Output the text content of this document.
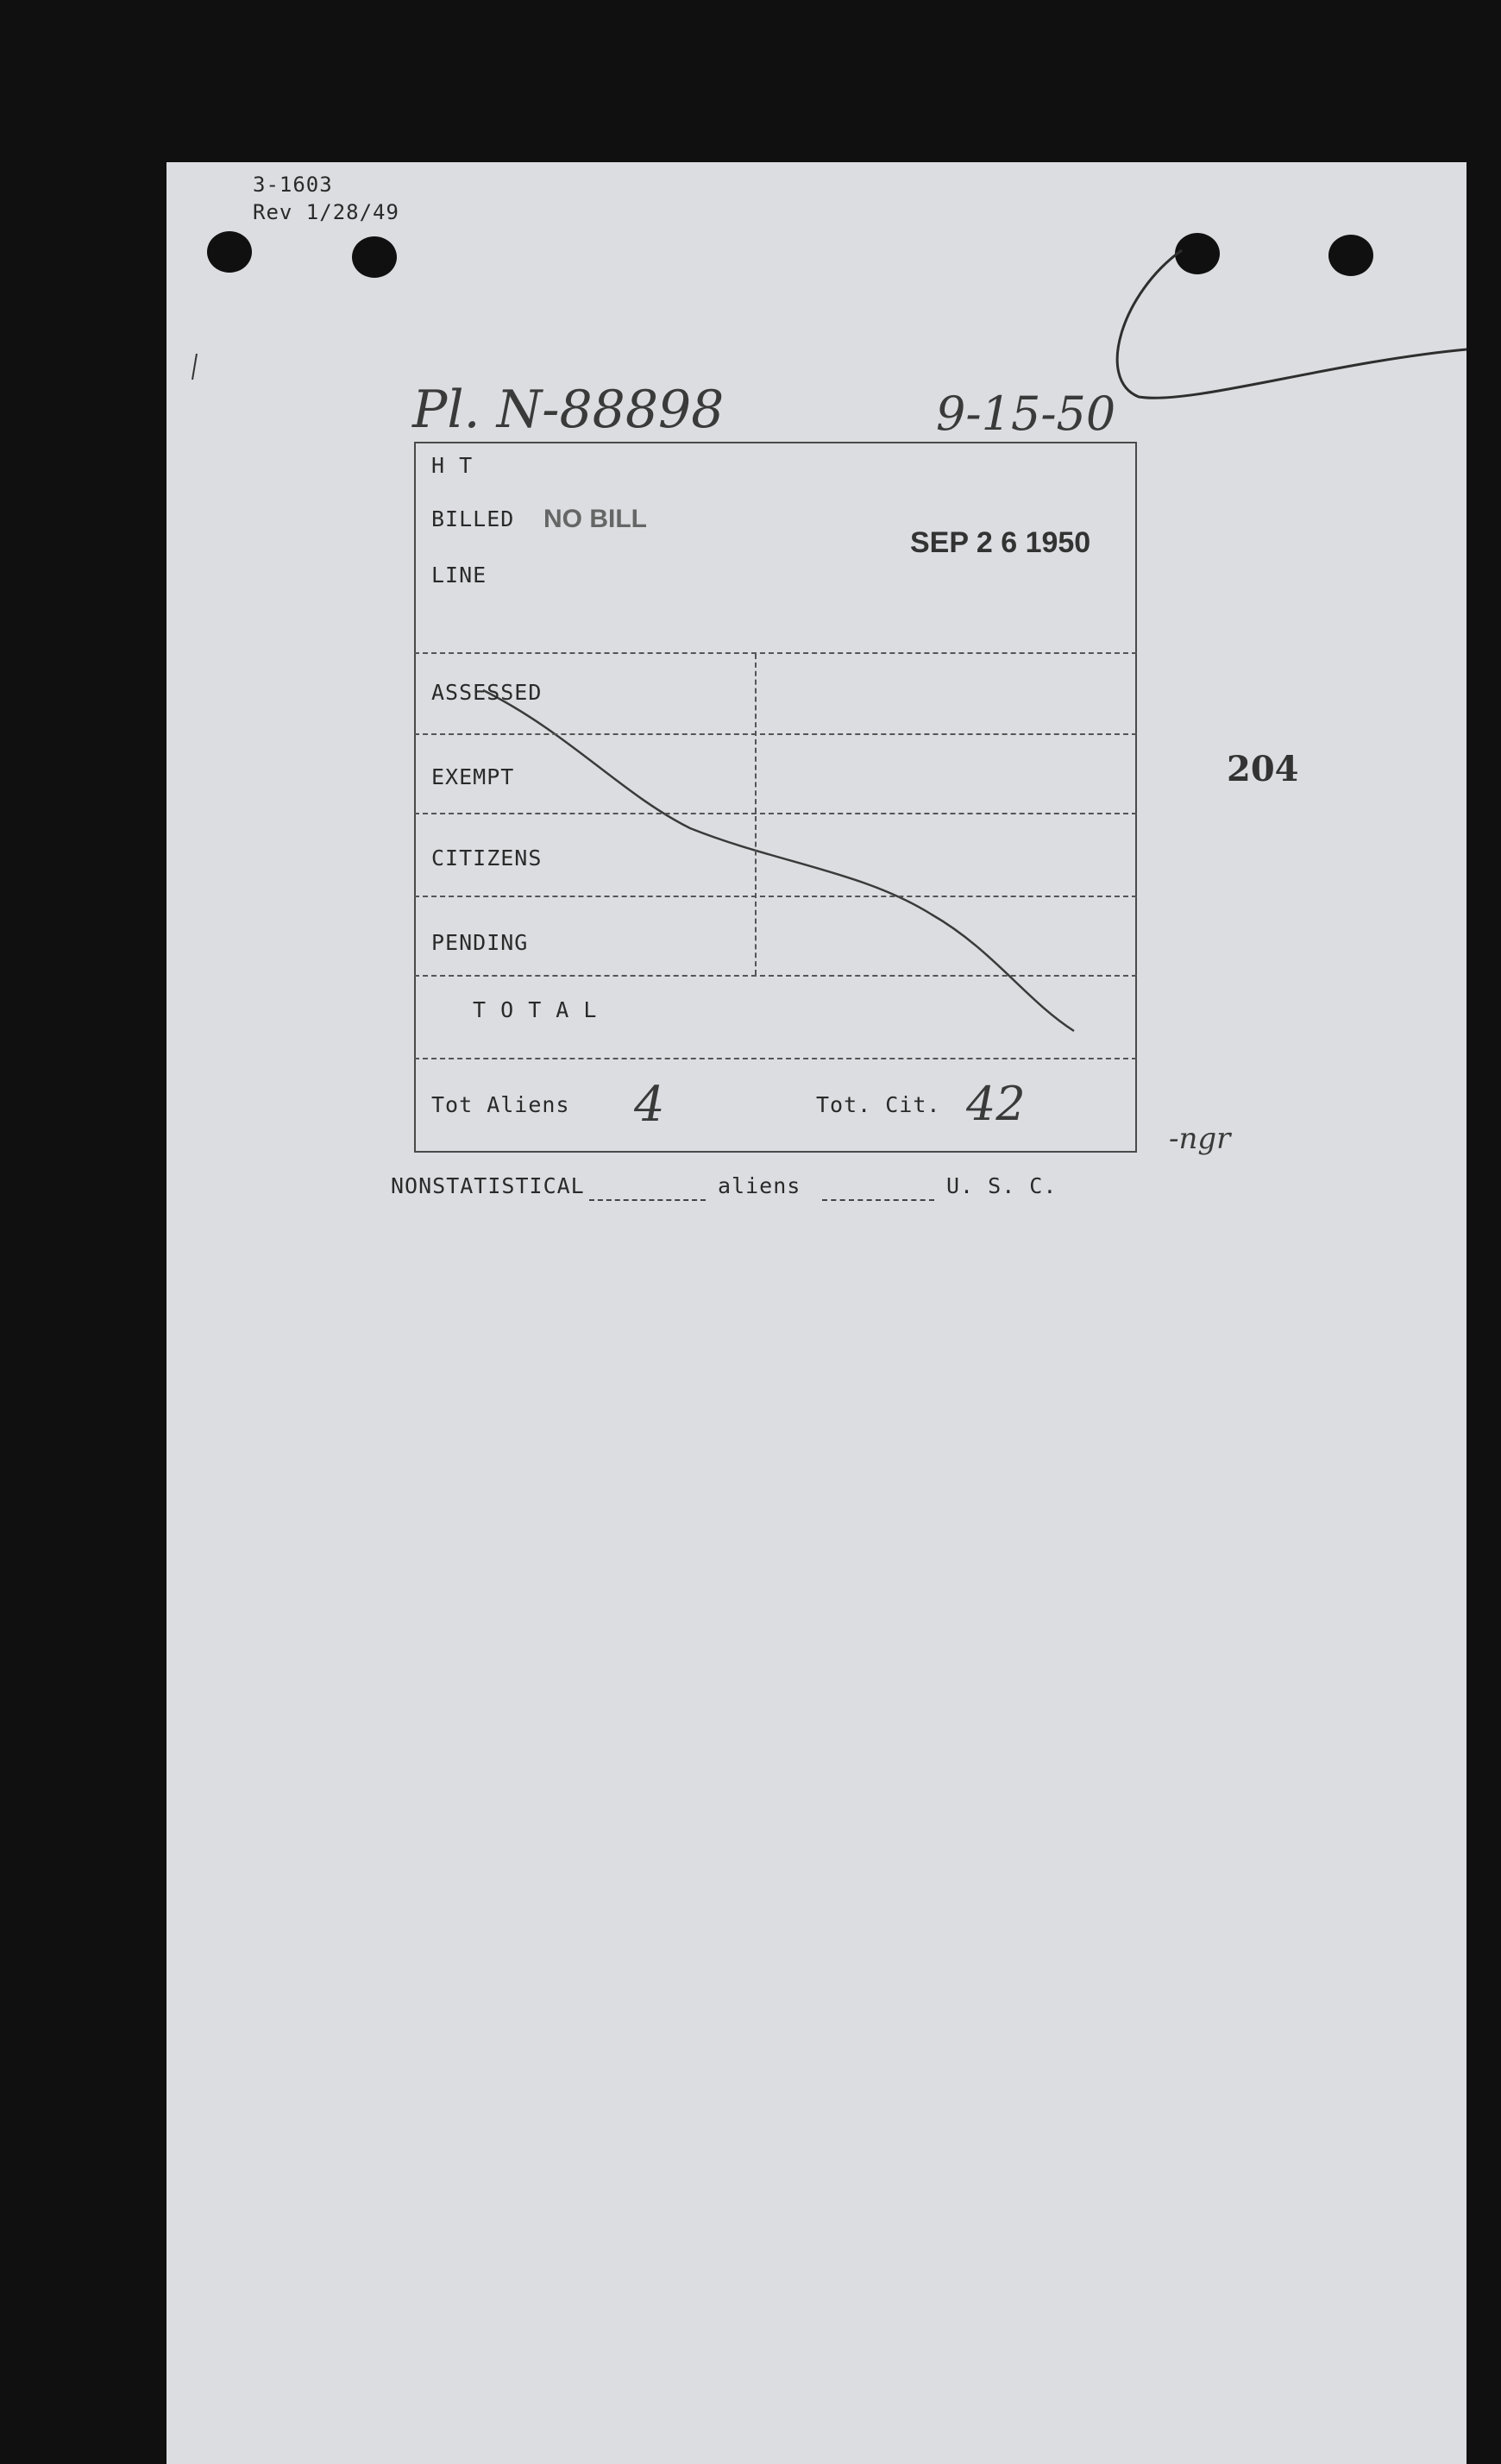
3-1603
Rev 1/28/49
Pl. N-88898	9-15-50
H T
BILLED NO BILL
LINE
SEP 2 6 1950
ASSESSED
EXEMPT
CITIZENS
PENDING
T O T A L
Tot Aliens 4	Tot. Cit. 42
-ngr
204
NONSTATISTICAL	aliens	U. S. C.
